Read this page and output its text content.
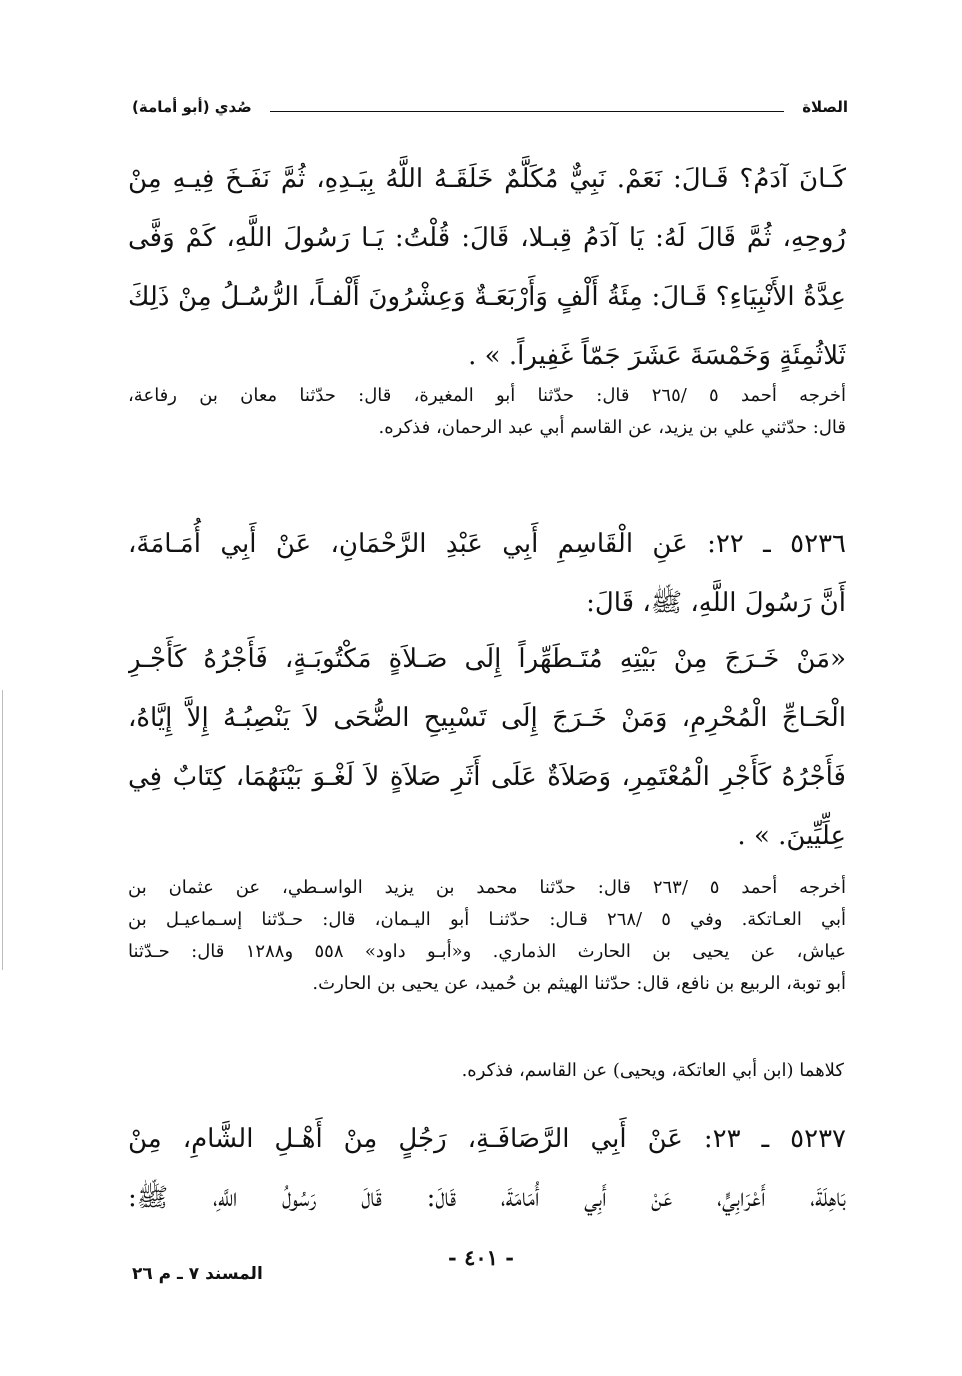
الصلاة
صُدي (أبو أمامة)
كَـانَ آدَمُ؟ قَـالَ: نَعَمْ. نَبِيٌّ مُكَلَّمٌ خَلَقَـهُ اللَّهُ بِيَـدِهِ، ثُمَّ نَفَـخَ فِيـهِ مِنْ
رُوحِهِ، ثُمَّ قَالَ لَهُ: يَا آدَمُ قِبـلا، قَالَ: قُلْتُ: يَـا رَسُولَ اللَّهِ، كَمْ وَفَّى
عِدَّةُ الأَنْبِيَاءِ؟ قَـالَ: مِئَةُ أَلْفٍ وَأَرْبَعَـةٌ وَعِشْرُونَ أَلْفـاً، الرُّسُـلُ مِنْ ذَلِكَ
ثَلاثُمِئَةٍ وَخَمْسَةَ عَشَرَ جَمّاً غَفِيراً. » .
أخرجه أحمد ٥ /٢٦٥ قال: حدّثنا أبو المغيرة، قال: حدّثنا معان بن رفاعة،
قال: حدّثني علي بن يزيد، عن القاسم أبي عبد الرحمان، فذكره.
٥٢٣٦ ـ ٢٢: عَنِ الْقَاسِمِ أَبِي عَبْدِ الرَّحْمَانِ، عَنْ أَبِي أُمَـامَةَ،
أَنَّ رَسُولَ اللَّهِ، ﷺ، قَالَ:
«مَنْ خَـرَجَ مِنْ بَيْتِهِ مُتَـطَهِّراً إِلَى صَـلاَةٍ مَكْتُوبَـةٍ، فَأَجْرُهُ كَأَجْـرِ
الْحَـاجِّ الْمُحْرِمِ، وَمَنْ خَـرَجَ إِلَى تَسْبِيحِ الضُّحَى لاَ يَنْصِبُـهُ إِلاَّ إِيَّاهُ،
فَأَجْرُهُ كَأَجْرِ الْمُعْتَمِرِ، وَصَلاَةٌ عَلَى أَثَرِ صَلاَةٍ لاَ لَغْـوَ بَيْنَهُمَا، كِتَابٌ فِي
عِلِّيِّينَ. » .
أخرجه أحمد ٥ /٢٦٣ قال: حدّثنا محمد بن يزيد الواسـطي، عن عثمان بن
أبي العـاتكة. وفي ٥ /٢٦٨ قـال: حدّثنـا أبو اليـمان، قال: حـدّثنا إسـماعيـل بن
عياش، عن يحيى بن الحارث الذماري. و«أبـو داود» ٥٥٨ و١٢٨٨ قال: حـدّثنا
أبو توبة، الربيع بن نافع، قال: حدّثنا الهيثم بن حُميد، عن يحيى بن الحارث.
كلاهما (ابن أبي العاتكة، ويحيى) عن القاسم، فذكره.
٥٢٣٧ ـ ٢٣: عَنْ أَبِي الرَّصَافَـةِ، رَجُلٍ مِنْ أَهْـلِ الشَّامِ، مِنْ
بَاهِلَةَ، أَعْرَابِيٍّ، عَنْ أَبِي أُمَامَةَ، قَالَ: قَالَ رَسُولُ اللَّهِ، ﷺ:
- ٤٠١ -
المسند ٧ ـ م ٢٦
